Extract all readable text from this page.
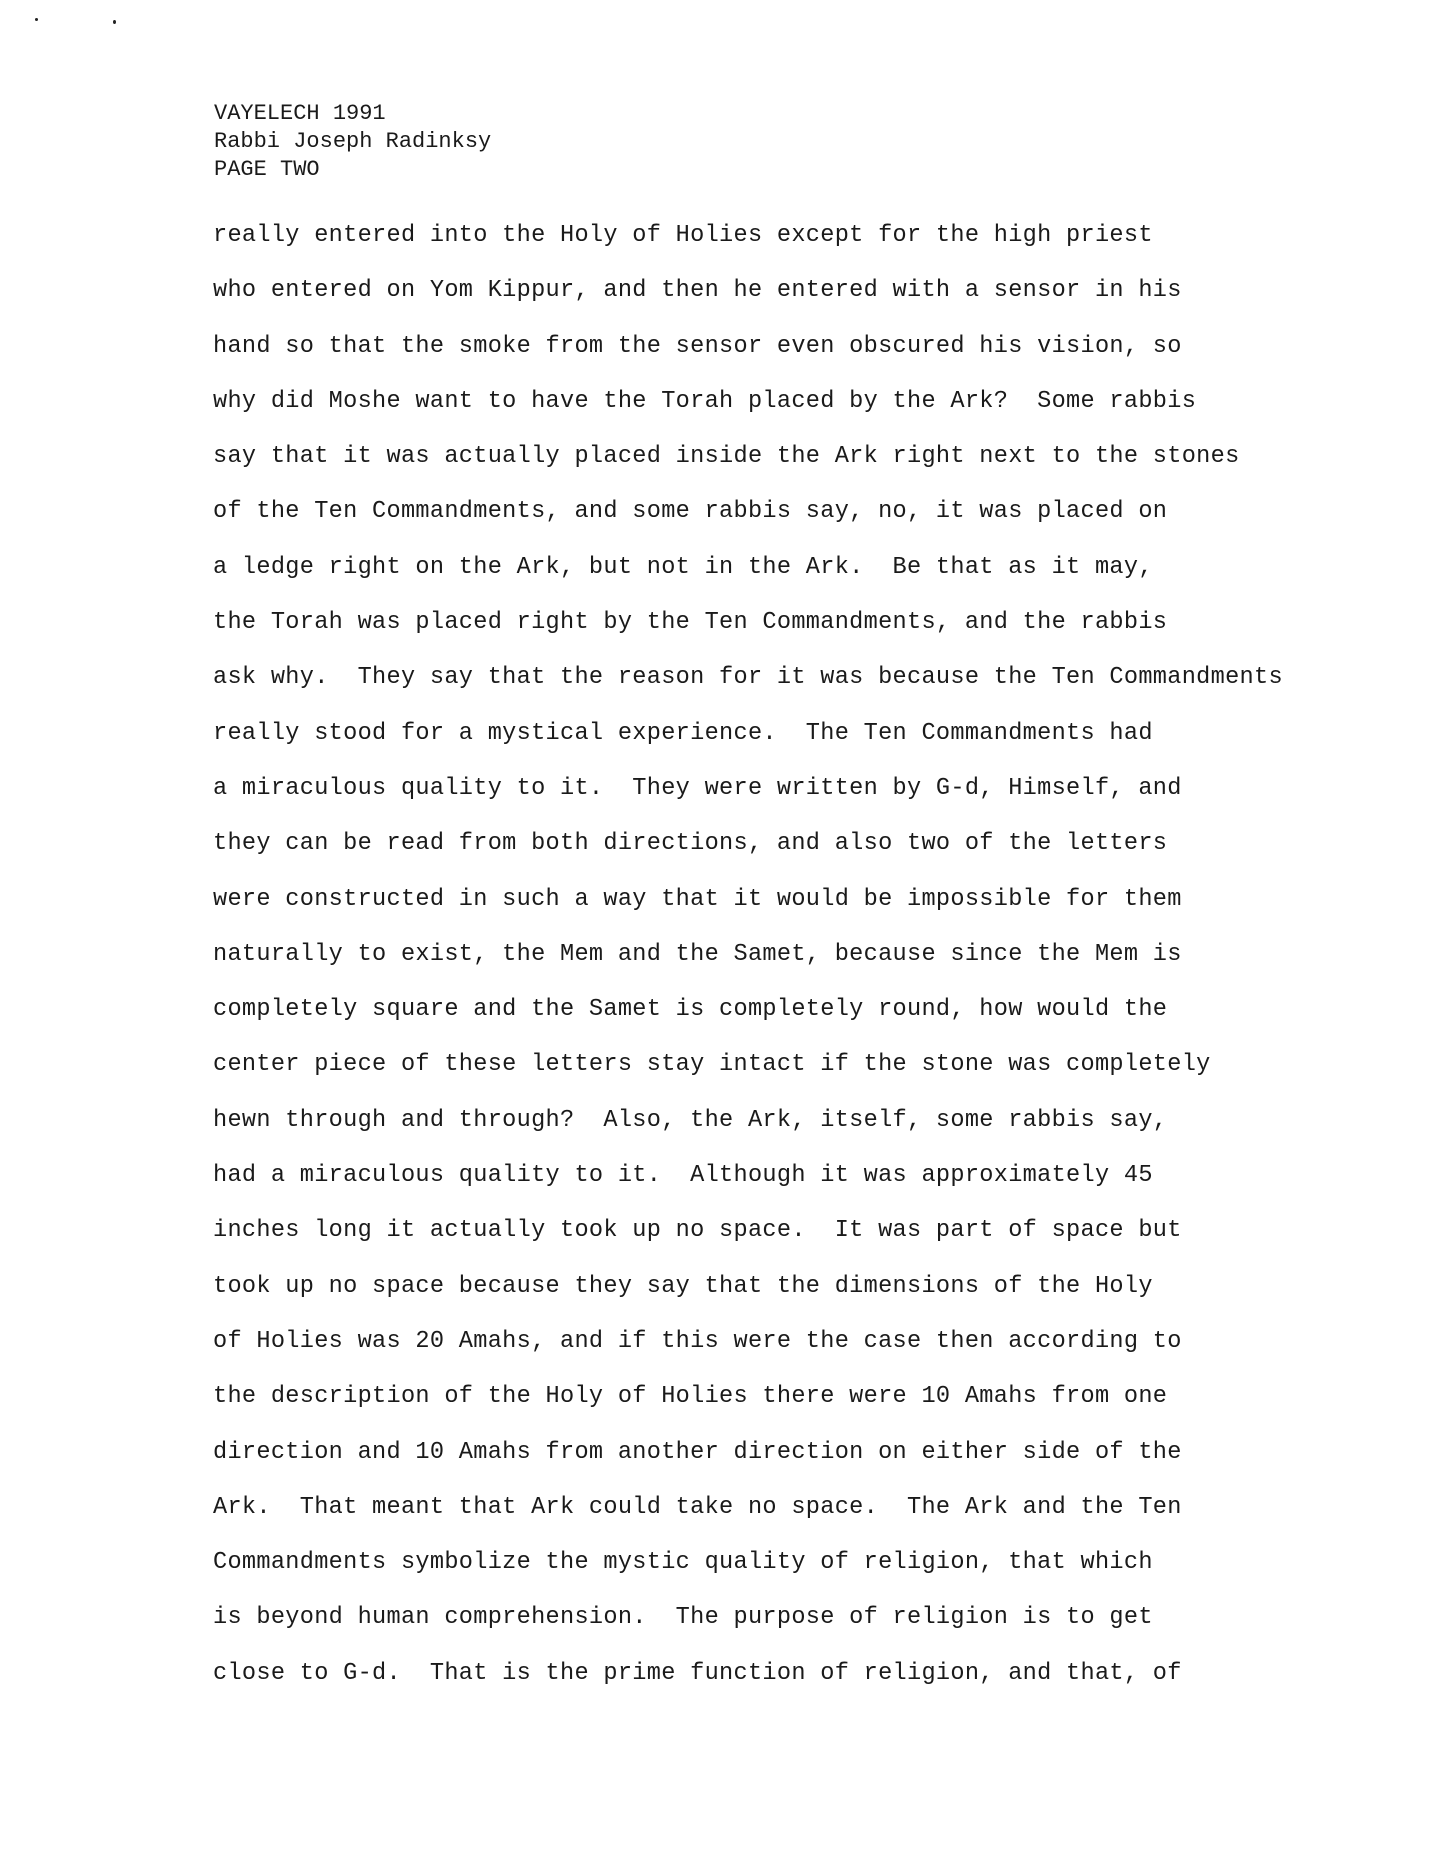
VAYELECH 1991
Rabbi Joseph Radinksy
PAGE TWO
really entered into the Holy of Holies except for the high priest
who entered on Yom Kippur, and then he entered with a sensor in his
hand so that the smoke from the sensor even obscured his vision, so
why did Moshe want to have the Torah placed by the Ark?  Some rabbis
say that it was actually placed inside the Ark right next to the stones
of the Ten Commandments, and some rabbis say, no, it was placed on
a ledge right on the Ark, but not in the Ark.  Be that as it may,
the Torah was placed right by the Ten Commandments, and the rabbis
ask why.  They say that the reason for it was because the Ten Commandments
really stood for a mystical experience.  The Ten Commandments had
a miraculous quality to it.  They were written by G-d, Himself, and
they can be read from both directions, and also two of the letters
were constructed in such a way that it would be impossible for them
naturally to exist, the Mem and the Samet, because since the Mem is
completely square and the Samet is completely round, how would the
center piece of these letters stay intact if the stone was completely
hewn through and through?  Also, the Ark, itself, some rabbis say,
had a miraculous quality to it.  Although it was approximately 45
inches long it actually took up no space.  It was part of space but
took up no space because they say that the dimensions of the Holy
of Holies was 20 Amahs, and if this were the case then according to
the description of the Holy of Holies there were 10 Amahs from one
direction and 10 Amahs from another direction on either side of the
Ark.  That meant that Ark could take no space.  The Ark and the Ten
Commandments symbolize the mystic quality of religion, that which
is beyond human comprehension.  The purpose of religion is to get
close to G-d.  That is the prime function of religion, and that, of
